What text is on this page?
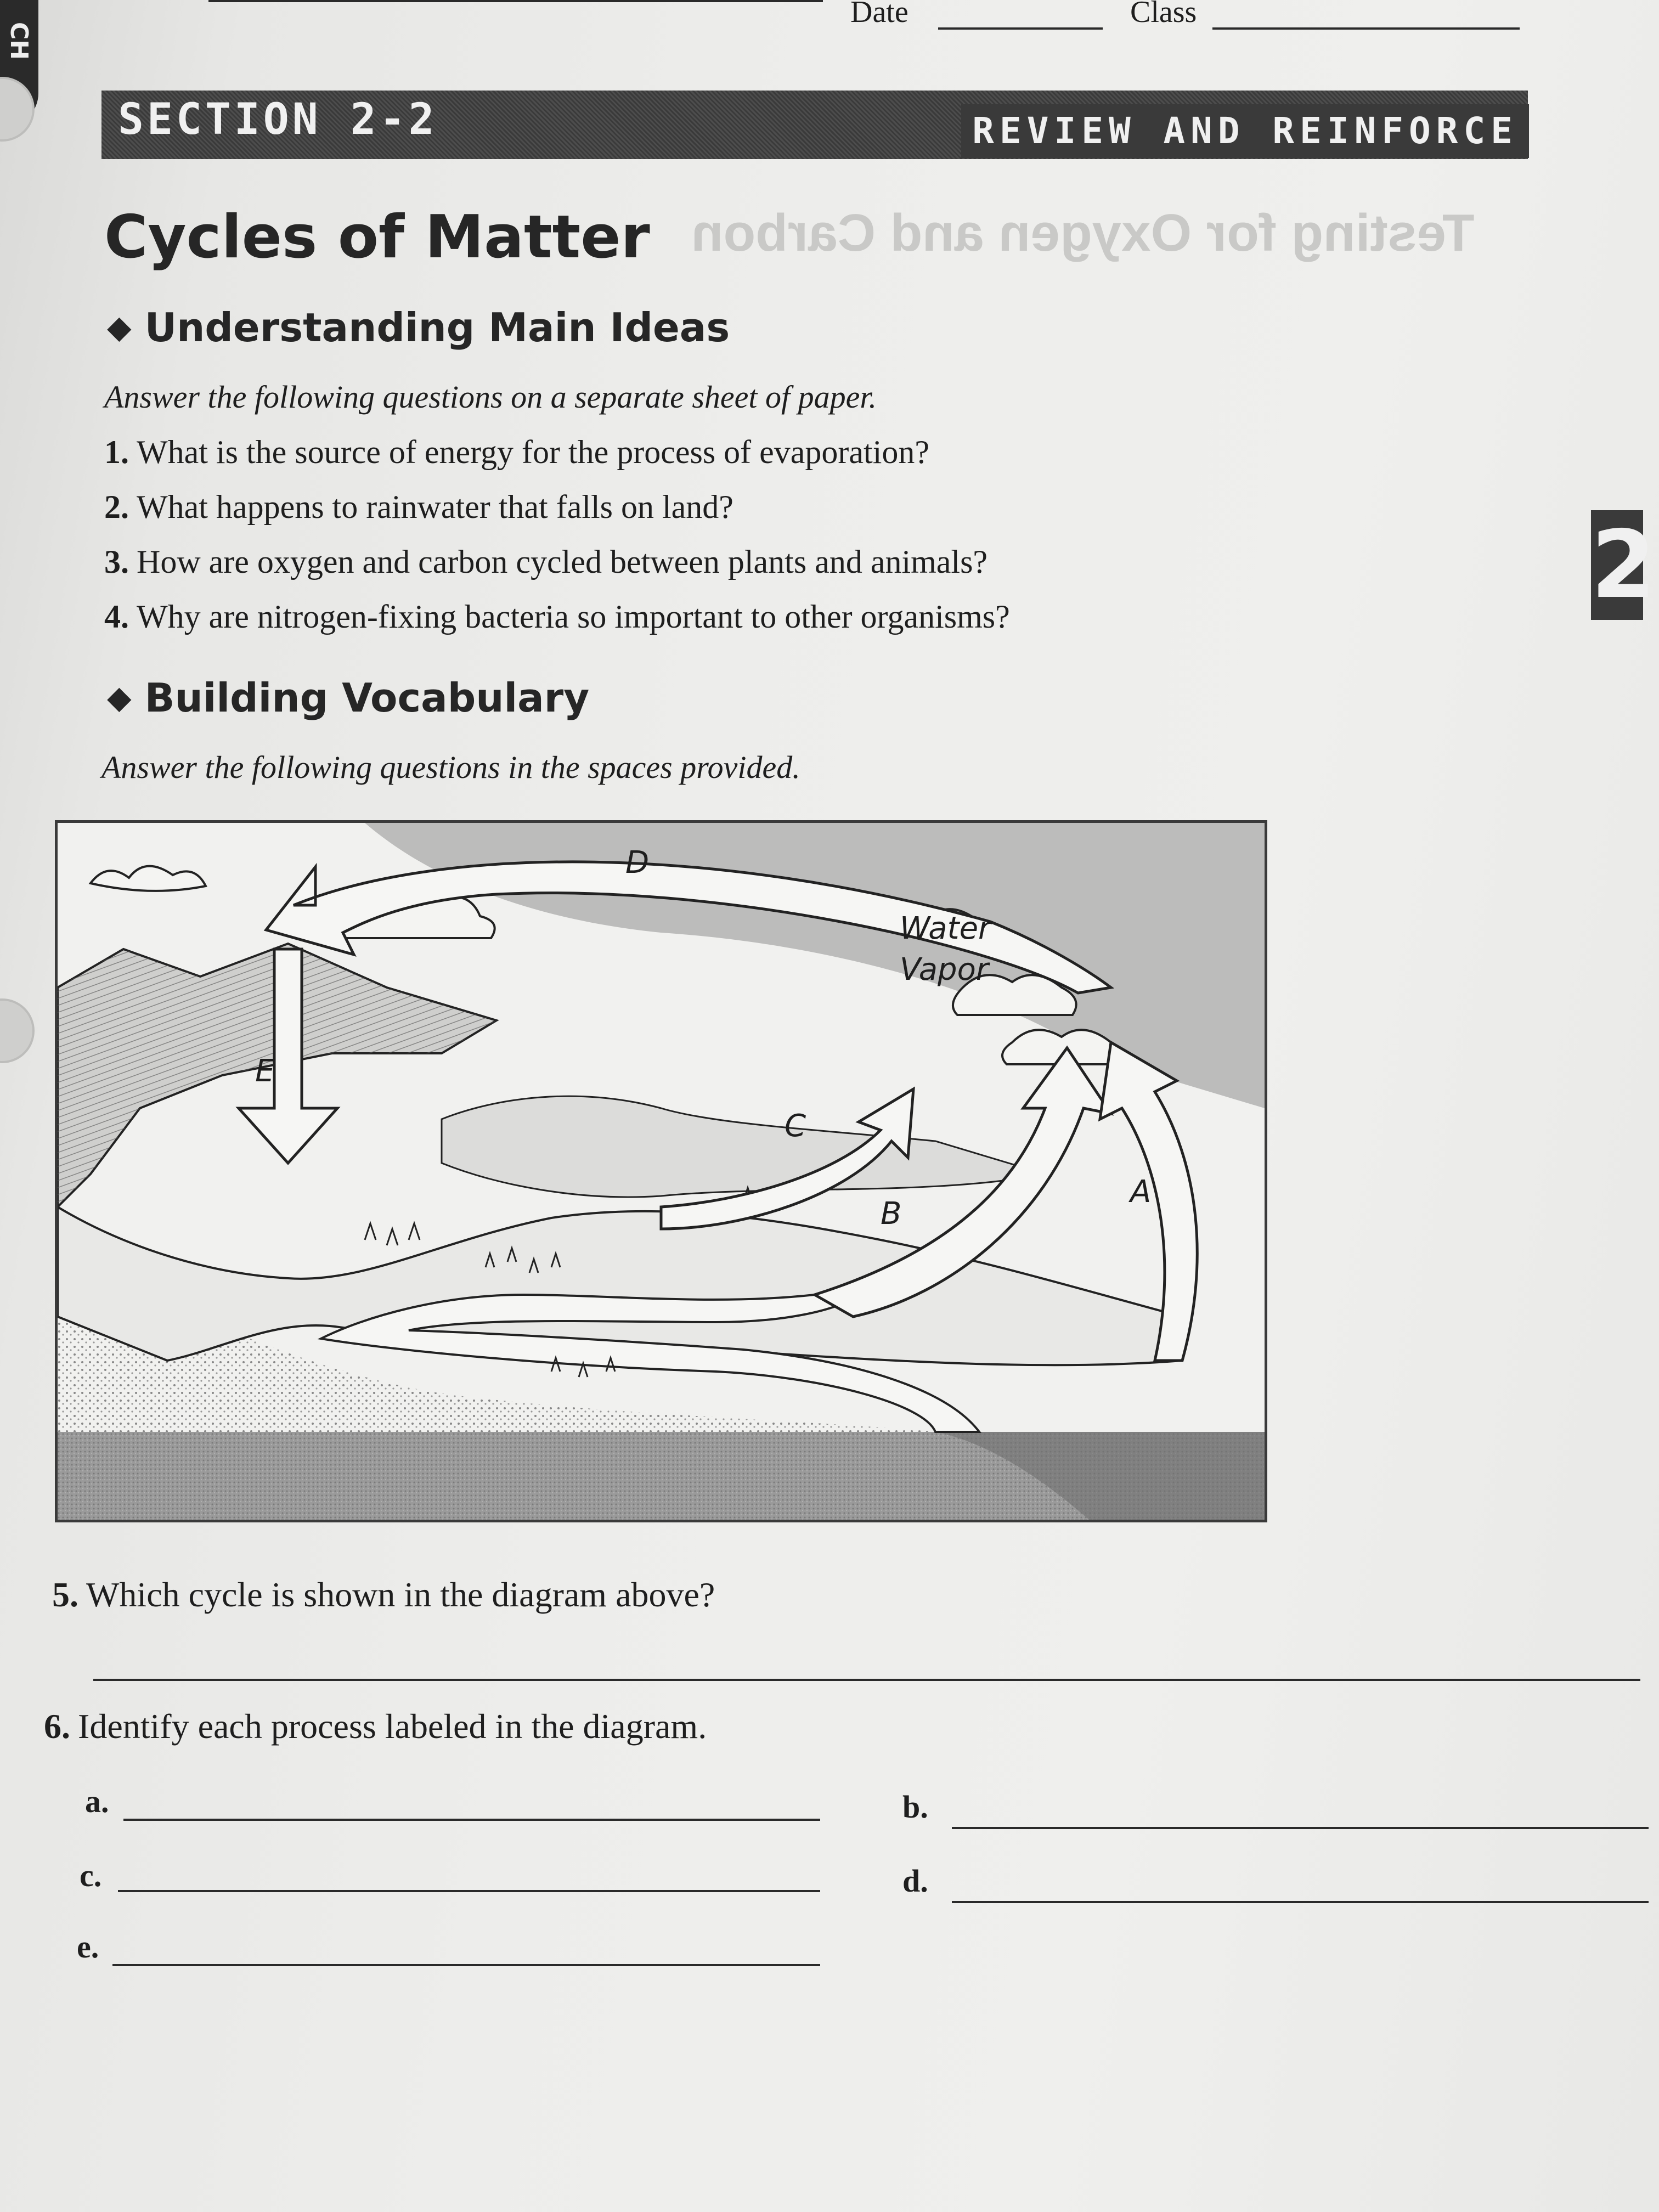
CH
Testing for Oxygen and Carbon
Date	Class
SECTION 2-2	REVIEW AND REINFORCE
2
Cycles of Matter
◆ Understanding Main Ideas
Answer the following questions on a separate sheet of paper.
1. What is the source of energy for the process of evaporation?
2. What happens to rainwater that falls on land?
3. How are oxygen and carbon cycled between plants and animals?
4. Why are nitrogen-fixing bacteria so important to other organisms?
◆ Building Vocabulary
Answer the following questions in the spaces provided.
D
E
C
B
A
Water
Vapor
5. Which cycle is shown in the diagram above?
6. Identify each process labeled in the diagram.
a.	b.
c.	d.
e.
